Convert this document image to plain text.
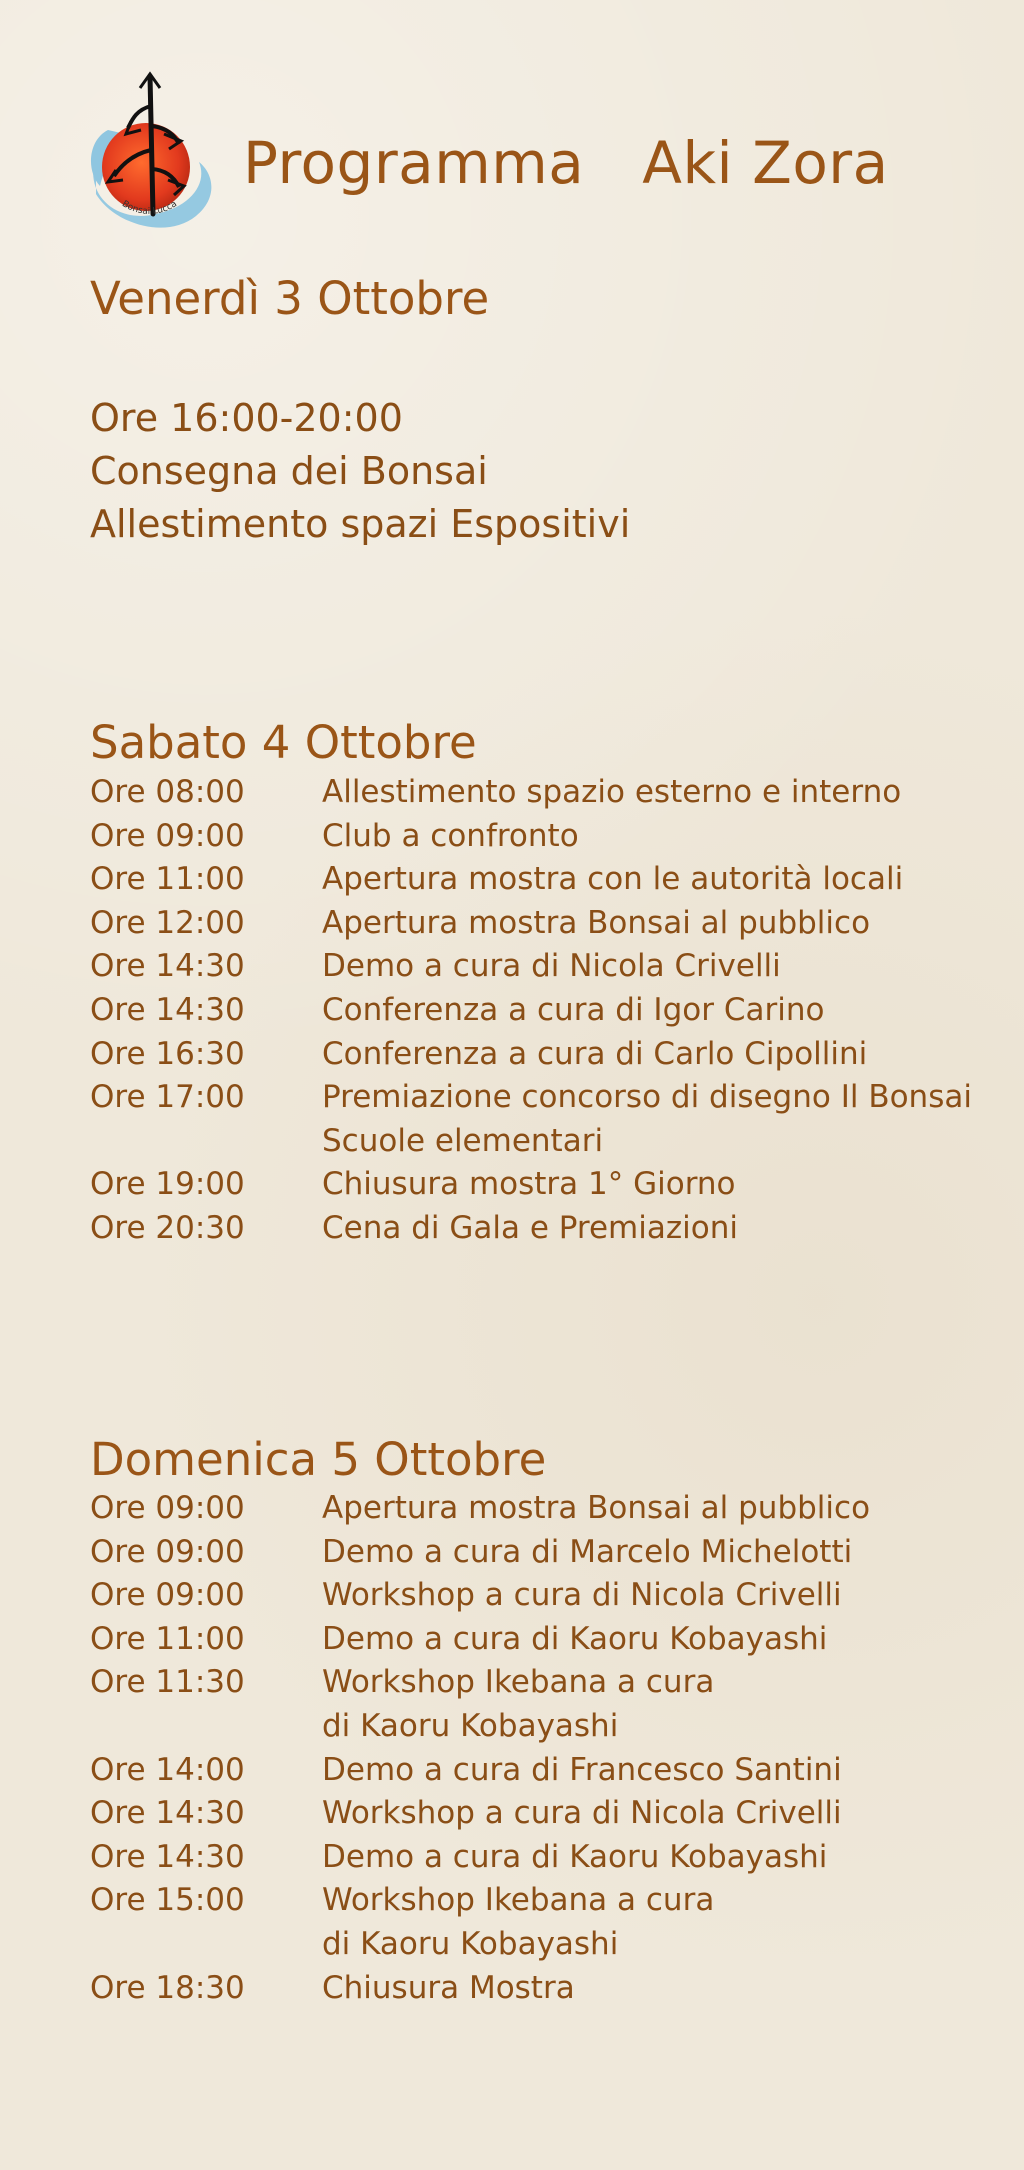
Bonsai Lucca
Programma Aki Zora
Venerdì 3 Ottobre
Ore 16:00-20:00
Consegna dei Bonsai
Allestimento spazi Espositivi
Sabato 4 Ottobre
Ore 08:00	Allestimento spazio esterno e interno
Ore 09:00	Club a confronto
Ore 11:00	Apertura mostra con le autorità locali
Ore 12:00	Apertura mostra Bonsai al pubblico
Ore 14:30	Demo a cura di Nicola Crivelli
Ore 14:30	Conferenza a cura di Igor Carino
Ore 16:30	Conferenza a cura di Carlo Cipollini
Ore 17:00	Premiazione concorso di disegno Il Bonsai Scuole elementari
Ore 19:00	Chiusura mostra 1° Giorno
Ore 20:30	Cena di Gala e Premiazioni
Domenica 5 Ottobre
Ore 09:00	Apertura mostra Bonsai al pubblico
Ore 09:00	Demo a cura di Marcelo Michelotti
Ore 09:00	Workshop a cura di Nicola Crivelli
Ore 11:00	Demo a cura di Kaoru Kobayashi
Ore 11:30	Workshop Ikebana a cura di Kaoru Kobayashi
Ore 14:00	Demo a cura di Francesco Santini
Ore 14:30	Workshop a cura di Nicola Crivelli
Ore 14:30	Demo a cura di Kaoru Kobayashi
Ore 15:00	Workshop Ikebana a cura di Kaoru Kobayashi
Ore 18:30	Chiusura Mostra
